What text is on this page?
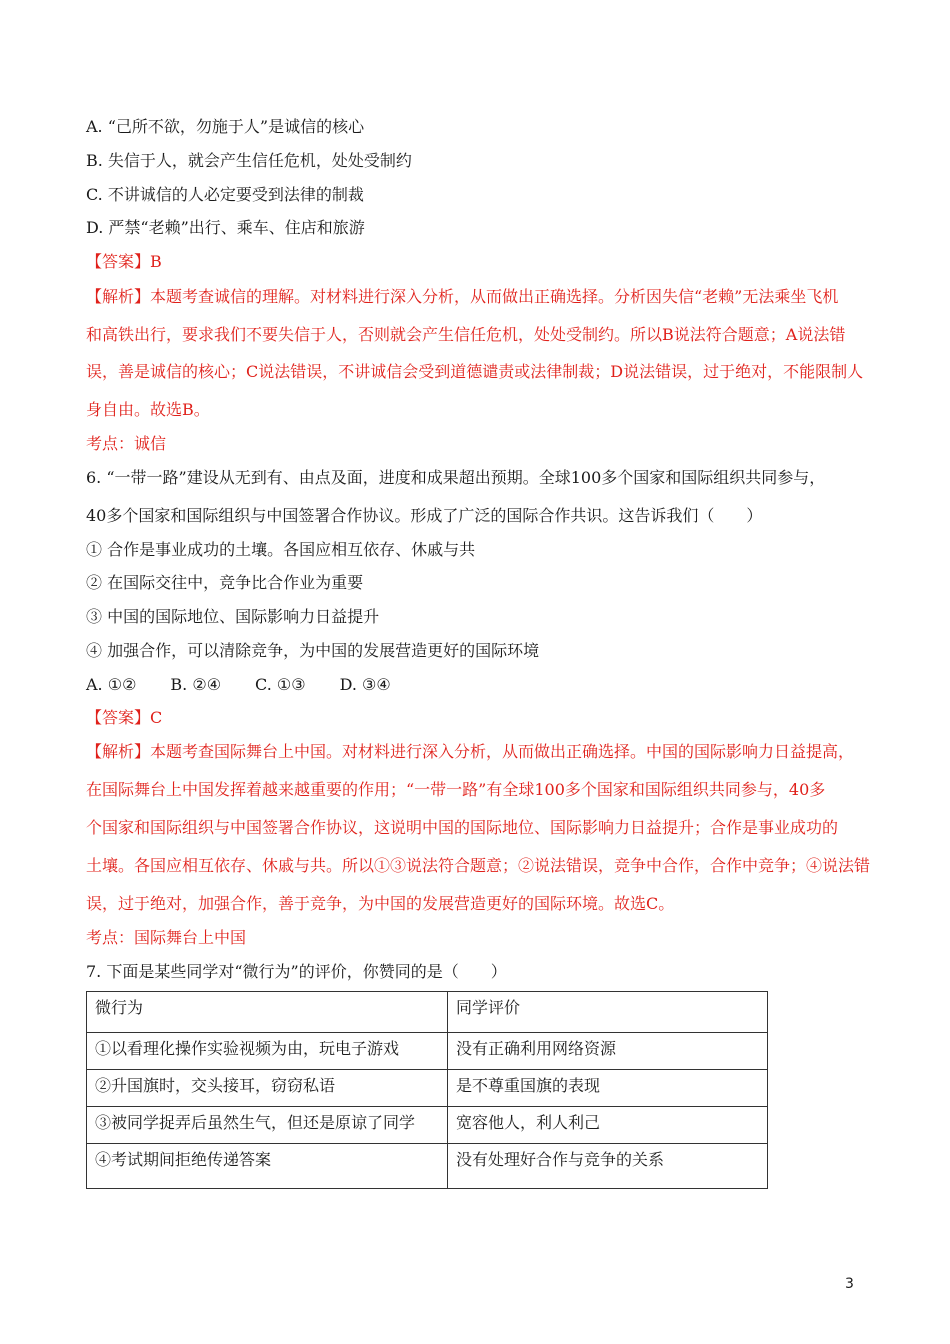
A. “己所不欲，勿施于人”是诚信的核心
B. 失信于人，就会产生信任危机，处处受制约
C. 不讲诚信的人必定要受到法律的制裁
D. 严禁“老赖”出行、乘车、住店和旅游
【答案】B
【解析】本题考查诚信的理解。对材料进行深入分析，从而做出正确选择。分析因失信“老赖”无法乘坐飞机
和高铁出行，要求我们不要失信于人，否则就会产生信任危机，处处受制约。所以B说法符合题意；A说法错
误，善是诚信的核心；C说法错误，不讲诚信会受到道德谴责或法律制裁；D说法错误，过于绝对，不能限制人
身自由。故选B。
考点：诚信
6. “一带一路”建设从无到有、由点及面，进度和成果超出预期。全球100多个国家和国际组织共同参与，
40多个国家和国际组织与中国签署合作协议。形成了广泛的国际合作共识。这告诉我们（　　）
① 合作是事业成功的土壤。各国应相互依存、休戚与共
② 在国际交往中，竞争比合作业为重要
③ 中国的国际地位、国际影响力日益提升
④ 加强合作，可以清除竞争，为中国的发展营造更好的国际环境
A. ①② B. ②④ C. ①③ D. ③④
【答案】C
【解析】本题考查国际舞台上中国。对材料进行深入分析，从而做出正确选择。中国的国际影响力日益提高，
在国际舞台上中国发挥着越来越重要的作用；“一带一路”有全球100多个国家和国际组织共同参与，40多
个国家和国际组织与中国签署合作协议，这说明中国的国际地位、国际影响力日益提升；合作是事业成功的
土壤。各国应相互依存、休戚与共。所以①③说法符合题意；②说法错误，竞争中合作，合作中竞争；④说法错
误，过于绝对，加强合作，善于竞争，为中国的发展营造更好的国际环境。故选C。
考点：国际舞台上中国
7. 下面是某些同学对“微行为”的评价，你赞同的是（　　）
微行为	同学评价
①以看理化操作实验视频为由，玩电子游戏	没有正确利用网络资源
②升国旗时，交头接耳，窃窃私语	是不尊重国旗的表现
③被同学捉弄后虽然生气，但还是原谅了同学	宽容他人，利人利己
④考试期间拒绝传递答案	没有处理好合作与竞争的关系
3
